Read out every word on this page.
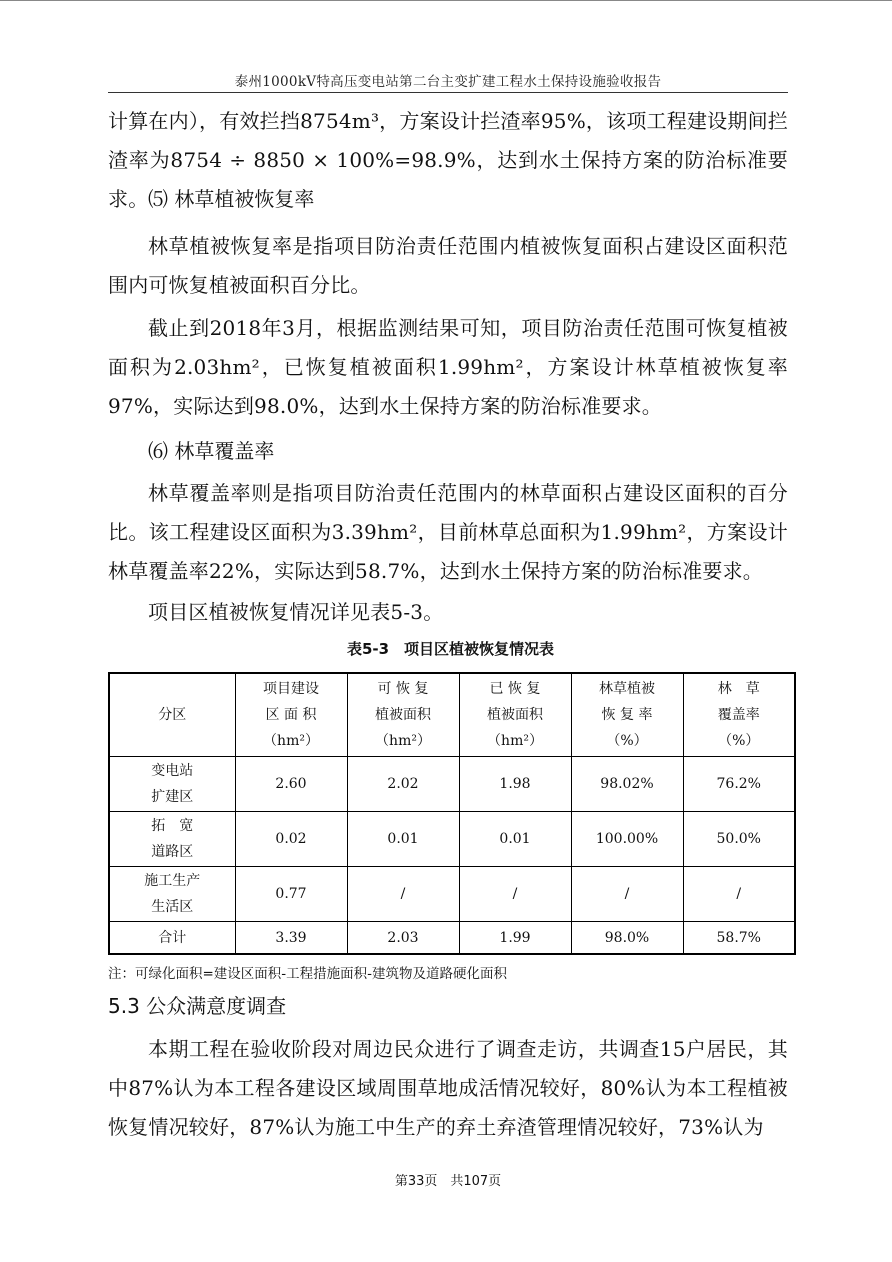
泰州1000kV特高压变电站第二台主变扩建工程水土保持设施验收报告

计算在内），有效拦挡8754m³，方案设计拦渣率95%，该项工程建设期间拦渣率为8754 ÷ 8850 × 100%=98.9%，达到水土保持方案的防治标准要求。 ⑸ 林草植被恢复率

林草植被恢复率是指项目防治责任范围内植被恢复面积占建设区面积范围内可恢复植被面积百分比。

截止到2018年3月，根据监测结果可知，项目防治责任范围可恢复植被面积为2.03hm²，已恢复植被面积1.99hm²，方案设计林草植被恢复率97%，实际达到98.0%，达到水土保持方案的防治标准要求。

⑹ 林草覆盖率

林草覆盖率则是指项目防治责任范围内的林草面积占建设区面积的百分比。该工程建设区面积为3.39hm²，目前林草总面积为1.99hm²，方案设计林草覆盖率22%，实际达到58.7%，达到水土保持方案的防治标准要求。

项目区植被恢复情况详见表5-3。

表5-3　项目区植被恢复情况表
分区	项目建设
区 面 积
（hm²）	可 恢 复
植被面积
（hm²）	已 恢 复
植被面积
（hm²）	林草植被
恢 复 率
（%）	林　草
覆盖率
（%）

变电站
扩建区	2.60	2.02	1.98	98.02%	76.2%

拓　宽
道路区	0.02	0.01	0.01	100.00%	50.0%

施工生产
生活区	0.77	/	/	/	/
合计	3.39	2.03	1.99	98.0%	58.7%
注：可绿化面积=建设区面积-工程措施面积-建筑物及道路硬化面积
5.3 公众满意度调查

本期工程在验收阶段对周边民众进行了调查走访，共调查15户居民，其中87%认为本工程各建设区域周围草地成活情况较好，80%认为本工程植被恢复情况较好，87%认为施工中生产的弃土弃渣管理情况较好，73%认为

第33页　共107页
